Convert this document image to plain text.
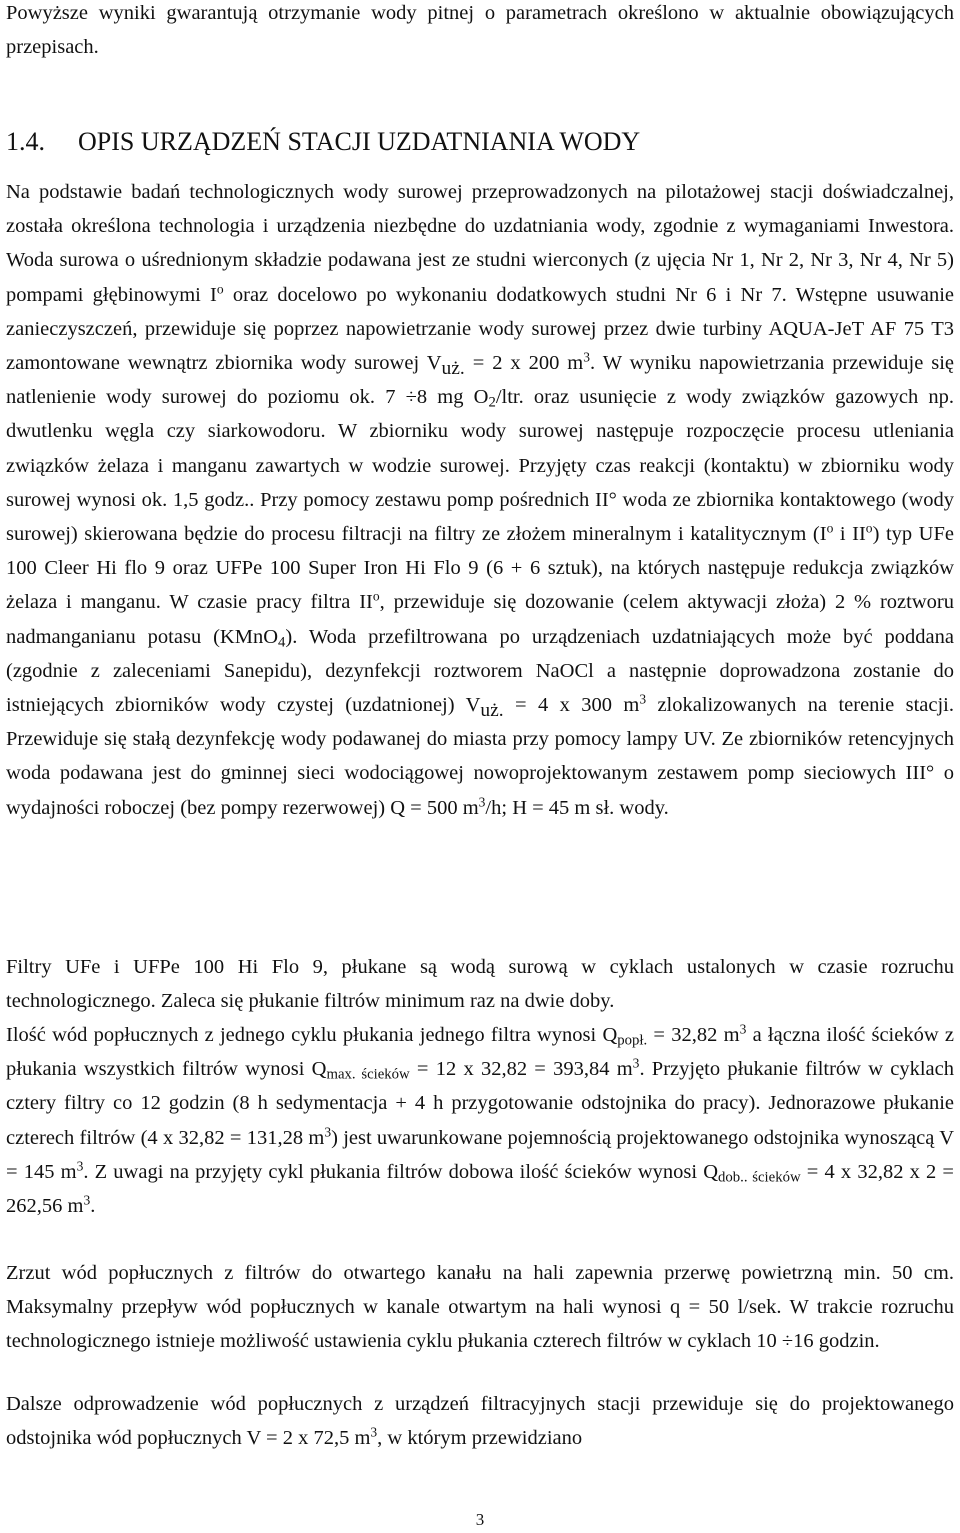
Powyższe wyniki gwarantują otrzymanie wody pitnej o parametrach określono w aktualnie obowiązujących przepisach.

1.4. OPIS URZĄDZEŃ STACJI UZDATNIANIA WODY

Na podstawie badań technologicznych wody surowej przeprowadzonych na pilotażowej stacji doświadczalnej, została określona technologia i urządzenia niezbędne do uzdatniania wody, zgodnie z wymaganiami Inwestora. Woda surowa o uśrednionym składzie podawana jest ze studni wierconych (z ujęcia Nr 1, Nr 2, Nr 3, Nr 4, Nr 5) pompami głębinowymi $I^o$ oraz docelowo po wykonaniu dodatkowych studni Nr 6 i Nr 7. Wstępne usuwanie zanieczyszczeń, przewiduje się poprzez napowietrzanie wody surowej przez dwie turbiny AQUA-JeT AF 75 T3 zamontowane wewnątrz zbiornika wody surowej $V_{uż.} = 2$ x 200 $m^3$. W wyniku napowietrzania przewiduje się natlenienie wody surowej do poziomu ok. 7 ÷8 mg $O_2$/ltr. oraz usunięcie z wody związków gazowych np. dwutlenku węgla czy siarkowodoru. W zbiorniku wody surowej następuje rozpoczęcie procesu utleniania związków żelaza i manganu zawartych w wodzie surowej. Przyjęty czas reakcji (kontaktu) w zbiorniku wody surowej wynosi ok. 1,5 godz.. Przy pomocy zestawu pomp pośrednich II° woda ze zbiornika kontaktowego (wody surowej) skierowana będzie do procesu filtracji na filtry ze złożem mineralnym i katalitycznym ($I^o$ i $II^o$) typ UFe 100 Cleer Hi flo 9 oraz UFPe 100 Super Iron Hi Flo 9 (6 + 6 sztuk), na których następuje redukcja związków żelaza i manganu. W czasie pracy filtra $II^o$, przewiduje się dozowanie (celem aktywacji złoża) 2 % roztworu nadmanganianu potasu (KMnO$_4$). Woda przefiltrowana po urządzeniach uzdatniających może być poddana (zgodnie z zaleceniami Sanepidu), dezynfekcji roztworem NaOCl a następnie doprowadzona zostanie do istniejących zbiorników wody czystej (uzdatnionej) $V_{uż.} = 4$ x 300 $m^3$ zlokalizowanych na terenie stacji. Przewiduje się stałą dezynfekcję wody podawanej do miasta przy pomocy lampy UV. Ze zbiorników retencyjnych woda podawana jest do gminnej sieci wodociągowej nowoprojektowanym zestawem pomp sieciowych III° o wydajności roboczej (bez pompy rezerwowej) Q = 500 $m^3/h$; H = 45 m sł. wody.

Filtry UFe i UFPe 100 Hi Flo 9, płukane są wodą surową w cyklach ustalonych w czasie rozruchu technologicznego. Zaleca się płukanie filtrów minimum raz na dwie doby.

Ilość wód popłucznych z jednego cyklu płukania jednego filtra wynosi $Q_{popł.} = 32,82$ $m^3$ a łączna ilość ścieków z płukania wszystkich filtrów wynosi $Q_{max. ścieków} = 12$ x 32,82 = 393,84 $m^3$. Przyjęto płukanie filtrów w cyklach cztery filtry co 12 godzin (8 h sedymentacja + 4 h przygotowanie odstojnika do pracy). Jednorazowe płukanie czterech filtrów (4 x 32,82 = 131,28 $m^3$) jest uwarunkowane pojemnością projektowanego odstojnika wynoszącą V = 145 $m^3$. Z uwagi na przyjęty cykl płukania filtrów dobowa ilość ścieków wynosi $Q_{dob.. ścieków} = 4$ x 32,82 x 2 = 262,56 $m^3$.

Zrzut wód popłucznych z filtrów do otwartego kanału na hali zapewnia przerwę powietrzną min. 50 cm. Maksymalny przepływ wód popłucznych w kanale otwartym na hali wynosi q = 50 l/sek. W trakcie rozruchu technologicznego istnieje możliwość ustawienia cyklu płukania czterech filtrów w cyklach 10 ÷16 godzin.

Dalsze odprowadzenie wód popłucznych z urządzeń filtracyjnych stacji przewiduje się do projektowanego odstojnika wód popłucznych V = 2 x 72,5 $m^3$, w którym przewidziano

3
